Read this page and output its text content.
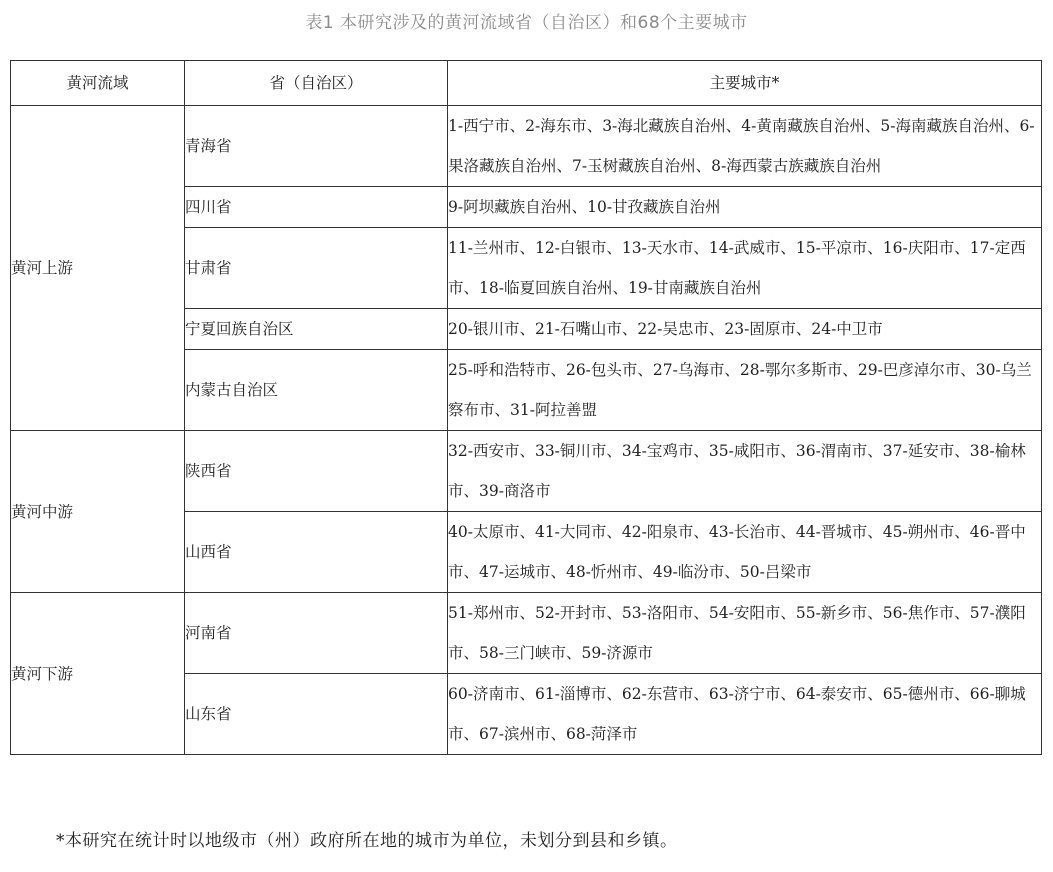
表1 本研究涉及的黄河流域省（自治区）和68个主要城市
黄河流域	省（自治区）	主要城市*
黄河上游	青海省	1-西宁市、2-海东市、3-海北藏族自治州、4-黄南藏族自治州、5-海南藏族自治州、6-果洛藏族自治州、7-玉树藏族自治州、8-海西蒙古族藏族自治州
	四川省	9-阿坝藏族自治州、10-甘孜藏族自治州
	甘肃省	11-兰州市、12-白银市、13-天水市、14-武威市、15-平凉市、16-庆阳市、17-定西市、18-临夏回族自治州、19-甘南藏族自治州
	宁夏回族自治区	20-银川市、21-石嘴山市、22-吴忠市、23-固原市、24-中卫市
	内蒙古自治区	25-呼和浩特市、26-包头市、27-乌海市、28-鄂尔多斯市、29-巴彦淖尔市、30-乌兰察布市、31-阿拉善盟
黄河中游	陕西省	32-西安市、33-铜川市、34-宝鸡市、35-咸阳市、36-渭南市、37-延安市、38-榆林市、39-商洛市
	山西省	40-太原市、41-大同市、42-阳泉市、43-长治市、44-晋城市、45-朔州市、46-晋中市、47-运城市、48-忻州市、49-临汾市、50-吕梁市
黄河下游	河南省	51-郑州市、52-开封市、53-洛阳市、54-安阳市、55-新乡市、56-焦作市、57-濮阳市、58-三门峡市、59-济源市
	山东省	60-济南市、61-淄博市、62-东营市、63-济宁市、64-泰安市、65-德州市、66-聊城市、67-滨州市、68-菏泽市
*本研究在统计时以地级市（州）政府所在地的城市为单位，未划分到县和乡镇。
